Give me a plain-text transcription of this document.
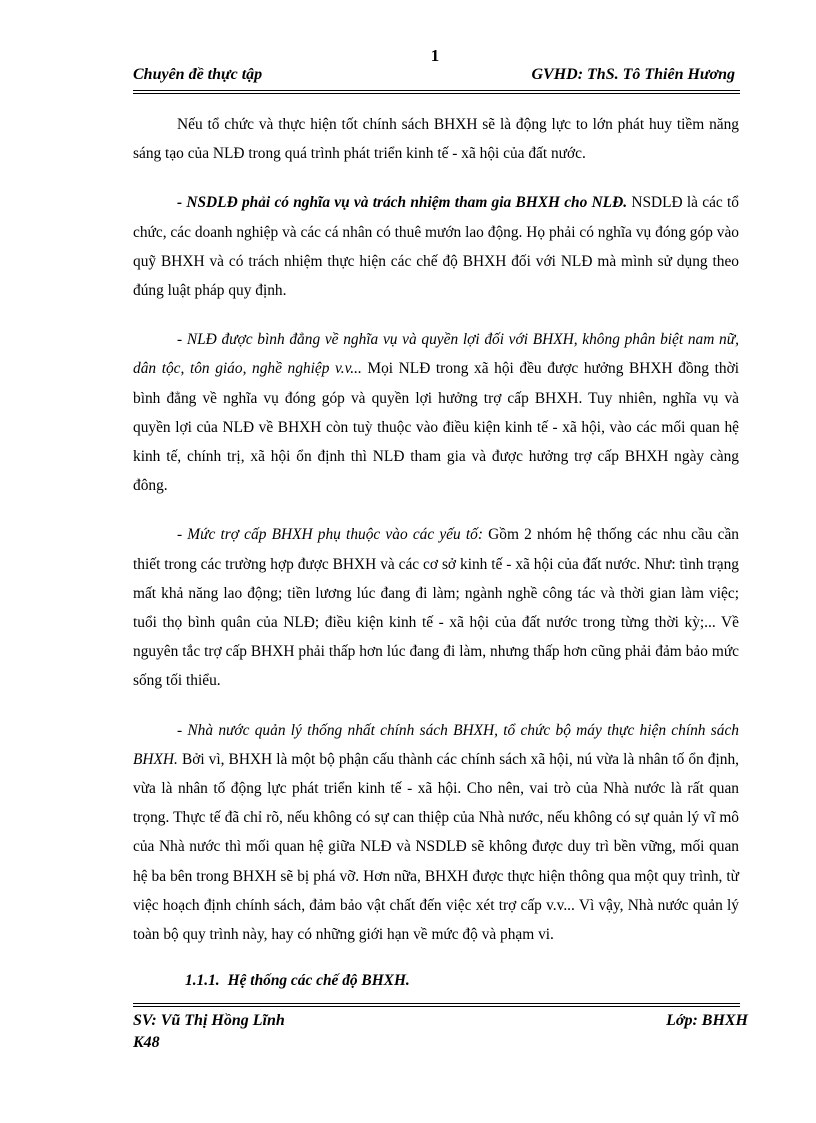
1
Chuyên đề thực tập	GVHD: ThS. Tô Thiên Hương

Nếu tổ chức và thực hiện tốt chính sách BHXH sẽ là động lực to lớn phát huy tiềm năng sáng tạo của NLĐ trong quá trình phát triển kinh tế - xã hội của đất nước.

- NSDLĐ phải có nghĩa vụ và trách nhiệm tham gia BHXH cho NLĐ. NSDLĐ là các tổ chức, các doanh nghiệp và các cá nhân có thuê mướn lao động. Họ phải có nghĩa vụ đóng góp vào quỹ BHXH và có trách nhiệm thực hiện các chế độ BHXH đối với NLĐ mà mình sử dụng theo đúng luật pháp quy định.

- NLĐ được bình đẳng về nghĩa vụ và quyền lợi đối với BHXH, không phân biệt nam nữ, dân tộc, tôn giáo, nghề nghiệp v.v... Mọi NLĐ trong xã hội đều được hưởng BHXH đồng thời bình đẳng về nghĩa vụ đóng góp và quyền lợi hưởng trợ cấp BHXH. Tuy nhiên, nghĩa vụ và quyền lợi của NLĐ về BHXH còn tuỳ thuộc vào điều kiện kinh tế - xã hội, vào các mối quan hệ kinh tế, chính trị, xã hội ổn định thì NLĐ tham gia và được hưởng trợ cấp BHXH ngày càng đông.

- Mức trợ cấp BHXH phụ thuộc vào các yếu tố: Gồm 2 nhóm hệ thống các nhu cầu cần thiết trong các trường hợp được BHXH và các cơ sở kinh tế - xã hội của đất nước. Như: tình trạng mất khả năng lao động; tiền lương lúc đang đi làm; ngành nghề công tác và thời gian làm việc; tuổi thọ bình quân của NLĐ; điều kiện kinh tế - xã hội của đất nước trong từng thời kỳ;... Về nguyên tắc trợ cấp BHXH phải thấp hơn lúc đang đi làm, nhưng thấp hơn cũng phải đảm bảo mức sống tối thiểu.

- Nhà nước quản lý thống nhất chính sách BHXH, tổ chức bộ máy thực hiện chính sách BHXH. Bởi vì, BHXH là một bộ phận cấu thành các chính sách xã hội, nú vừa là nhân tố ổn định, vừa là nhân tố động lực phát triển kinh tế - xã hội. Cho nên, vai trò của Nhà nước là rất quan trọng. Thực tế đã chỉ rõ, nếu không có sự can thiệp của Nhà nước, nếu không có sự quản lý vĩ mô của Nhà nước thì mối quan hệ giữa NLĐ và NSDLĐ sẽ không được duy trì bền vững, mối quan hệ ba bên trong BHXH sẽ bị phá vỡ. Hơn nữa, BHXH được thực hiện thông qua một quy trình, từ việc hoạch định chính sách, đảm bảo vật chất đến việc xét trợ cấp v.v... Vì vậy, Nhà nước quản lý toàn bộ quy trình này, hay có những giới hạn về mức độ và phạm vi.

1.1.1. Hệ thống các chế độ BHXH.
SV: Vũ Thị Hồng Lĩnh	Lớp: BHXH
K48
